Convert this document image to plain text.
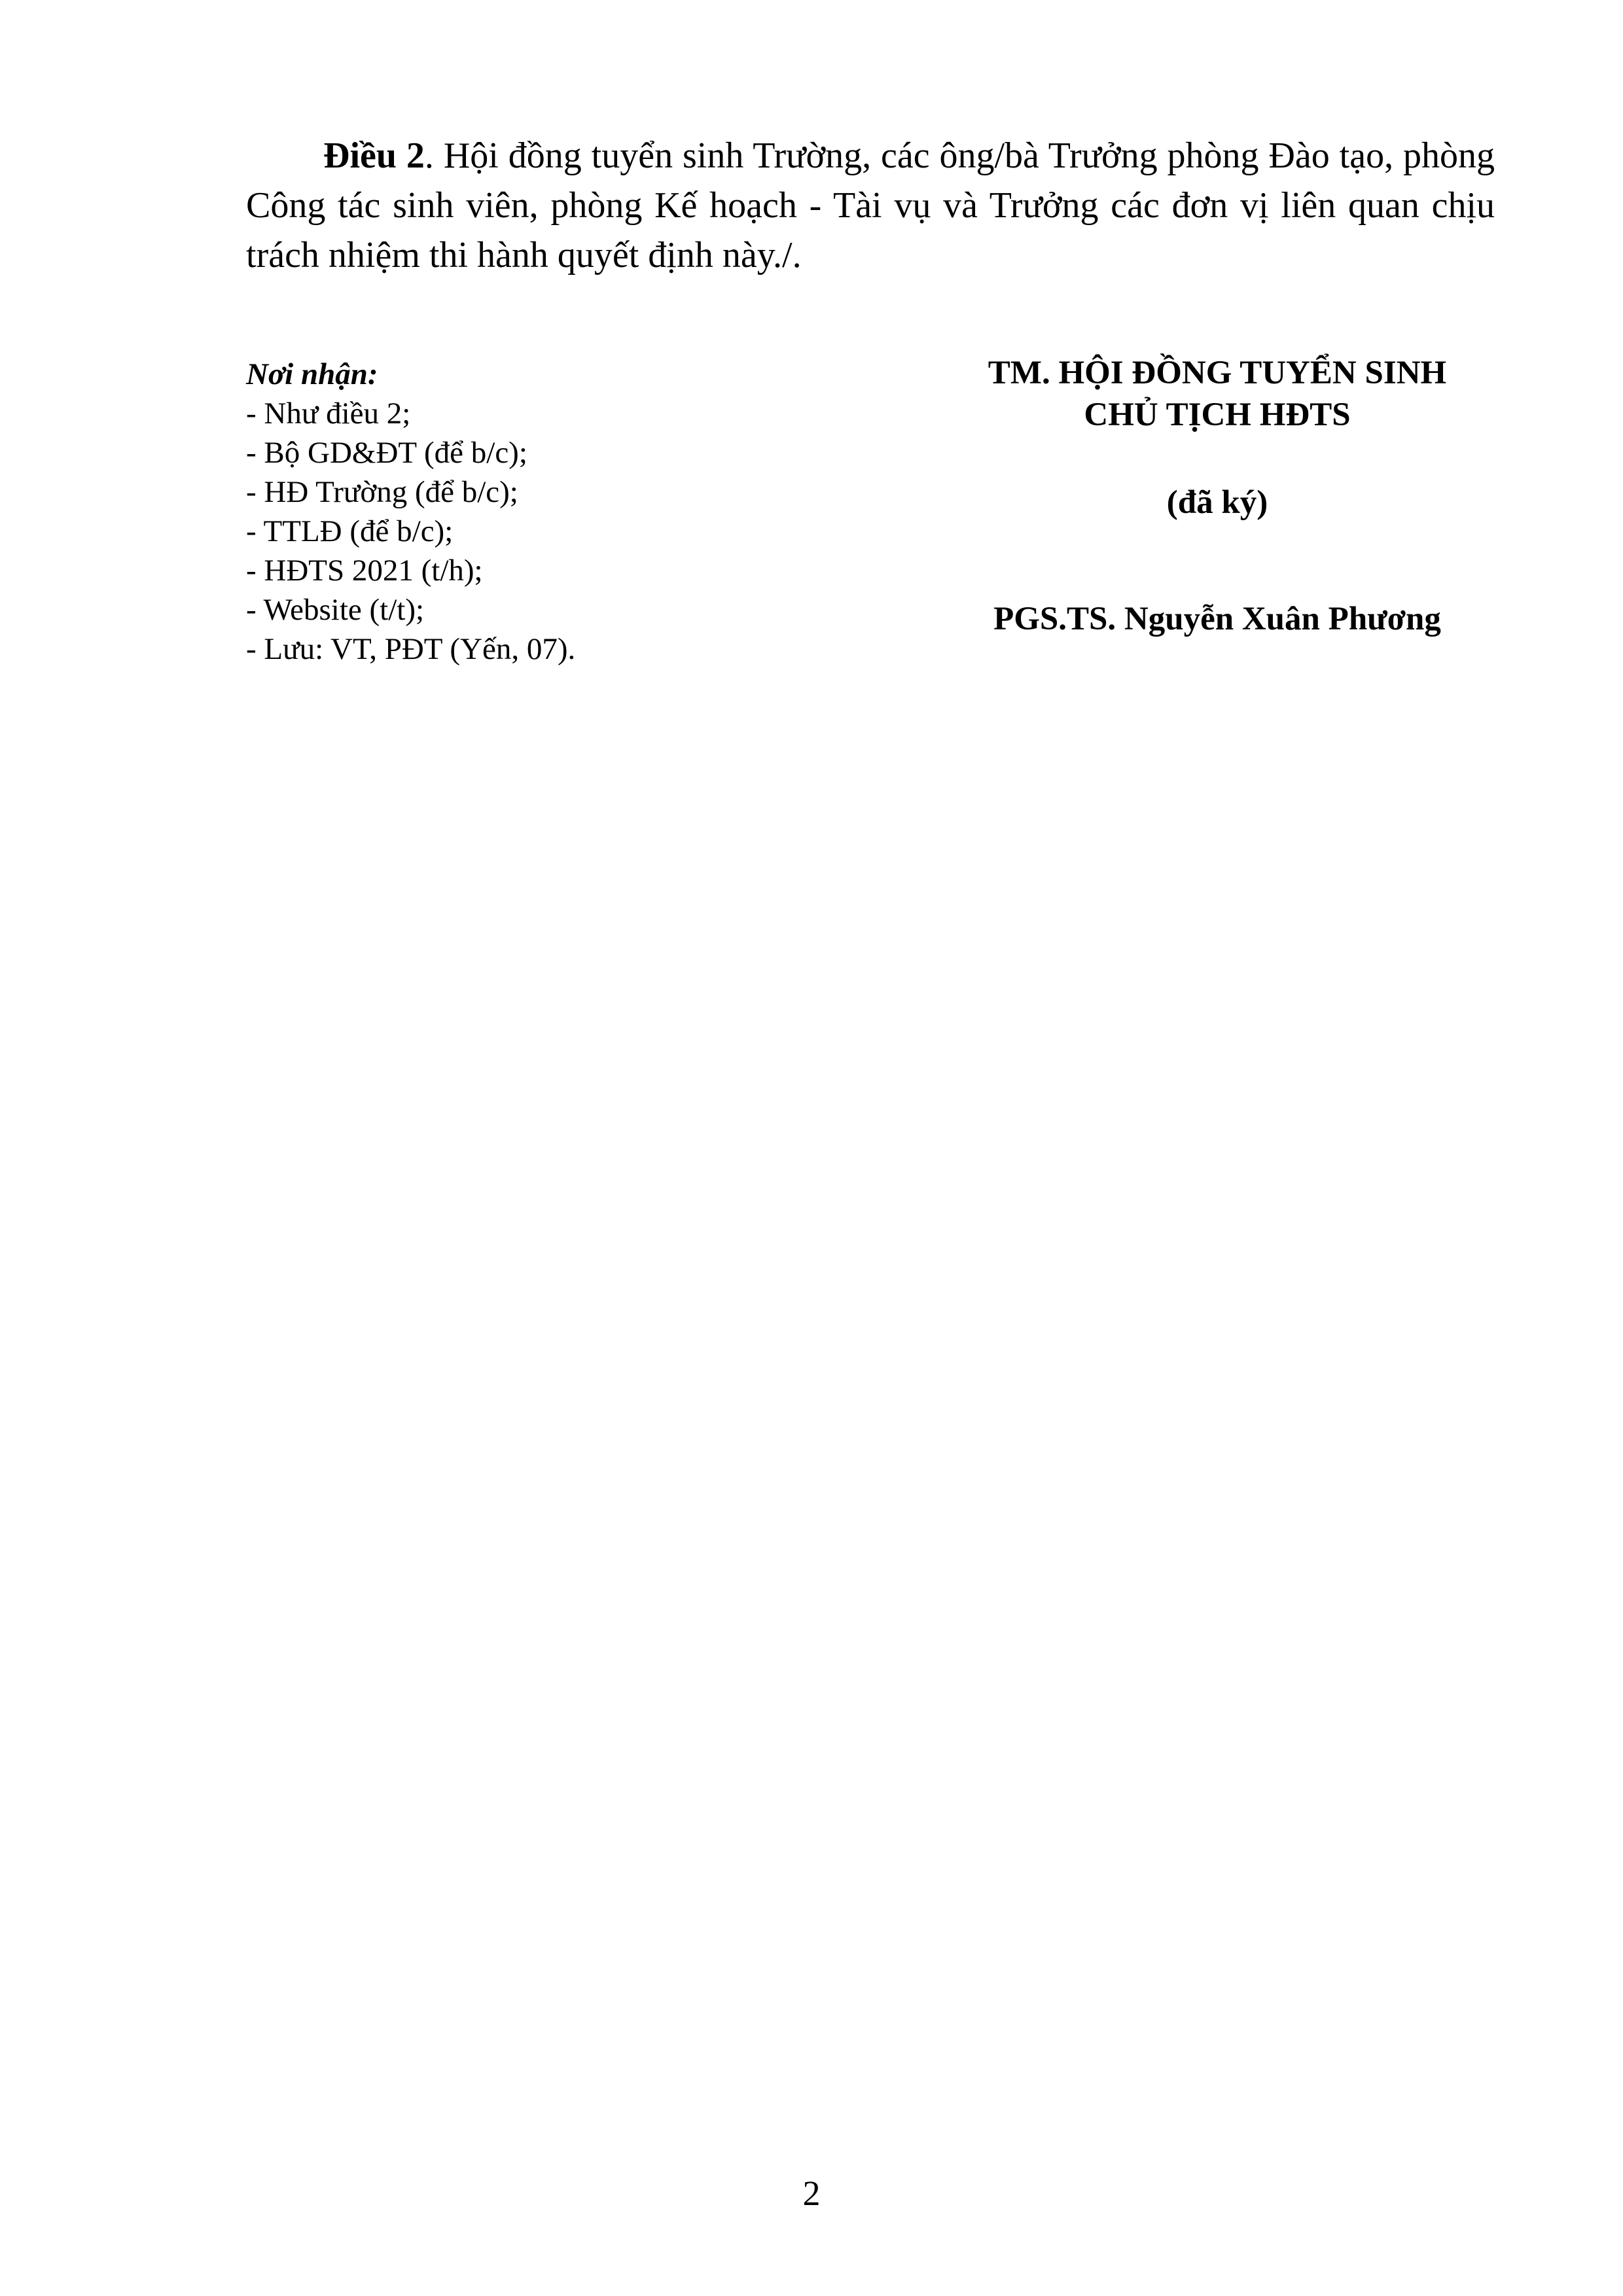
Điều 2. Hội đồng tuyển sinh Trường, các ông/bà Trưởng phòng Đào tạo, phòng Công tác sinh viên, phòng Kế hoạch - Tài vụ và Trưởng các đơn vị liên quan chịu trách nhiệm thi hành quyết định này./.

Nơi nhận:
- Như điều 2;
- Bộ GD&ĐT (để b/c);
- HĐ Trường (để b/c);
- TTLĐ (để b/c);
- HĐTS 2021 (t/h);
- Website (t/t);
- Lưu: VT, PĐT (Yến, 07).
TM. HỘI ĐỒNG TUYỂN SINH
CHỦ TỊCH HĐTS
(đã ký)
PGS.TS. Nguyễn Xuân Phương
2
